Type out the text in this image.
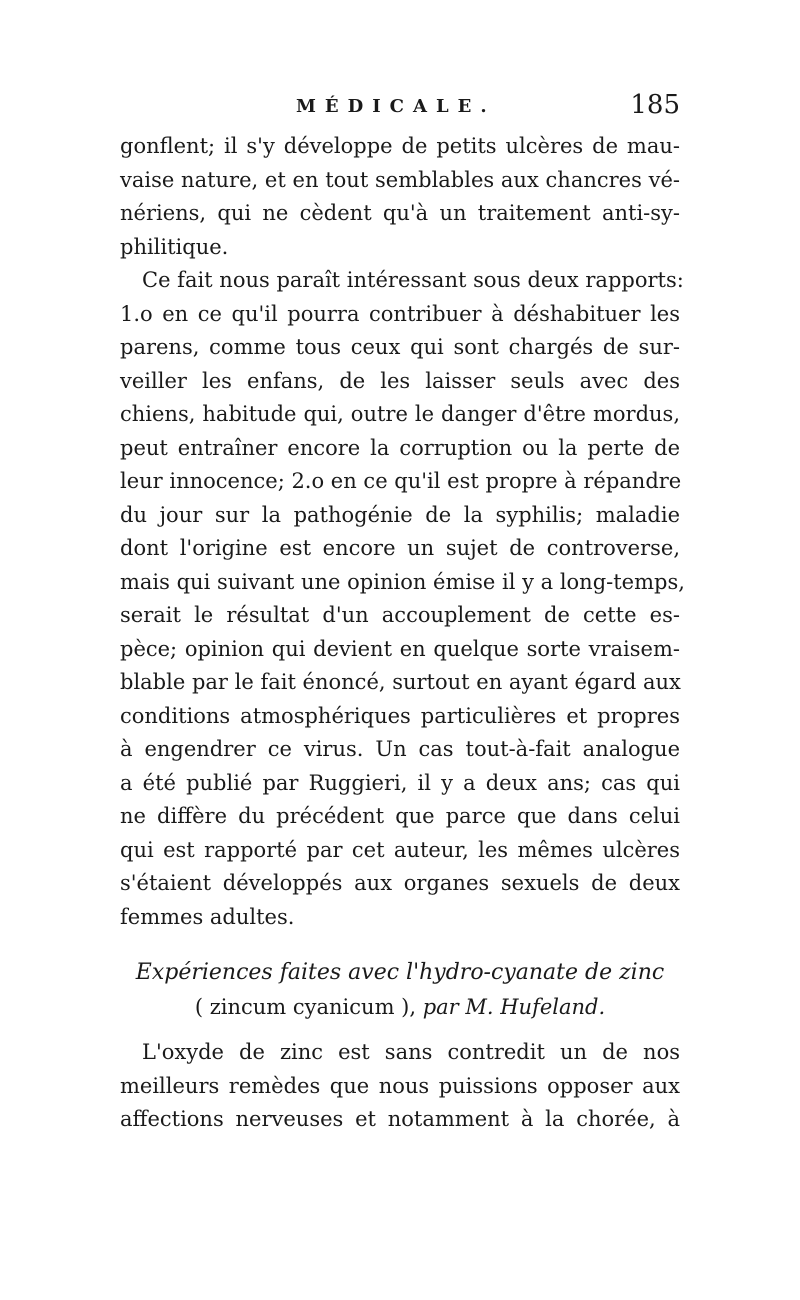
MÉDICALE.	185

gonflent; il s'y développe de petits ulcères de mau-
vaise nature, et en tout semblables aux chancres vé-
nériens, qui ne cèdent qu'à un traitement anti-sy-
philitique.

Ce fait nous paraît intéressant sous deux rapports:
1.o en ce qu'il pourra contribuer à déshabituer les
parens, comme tous ceux qui sont chargés de sur-
veiller les enfans, de les laisser seuls avec des
chiens, habitude qui, outre le danger d'être mordus,
peut entraîner encore la corruption ou la perte de
leur innocence; 2.o en ce qu'il est propre à répandre
du jour sur la pathogénie de la syphilis; maladie
dont l'origine est encore un sujet de controverse,
mais qui suivant une opinion émise il y a long-temps,
serait le résultat d'un accouplement de cette es-
pèce; opinion qui devient en quelque sorte vraisem-
blable par le fait énoncé, surtout en ayant égard aux
conditions atmosphériques particulières et propres
à engendrer ce virus. Un cas tout-à-fait analogue
a été publié par Ruggieri, il y a deux ans; cas qui
ne diffère du précédent que parce que dans celui
qui est rapporté par cet auteur, les mêmes ulcères
s'étaient développés aux organes sexuels de deux
femmes adultes.

Expériences faites avec l'hydro-cyanate de zinc
( zincum cyanicum ), par M. Hufeland.

L'oxyde de zinc est sans contredit un de nos
meilleurs remèdes que nous puissions opposer aux
affections nerveuses et notamment à la chorée, à
